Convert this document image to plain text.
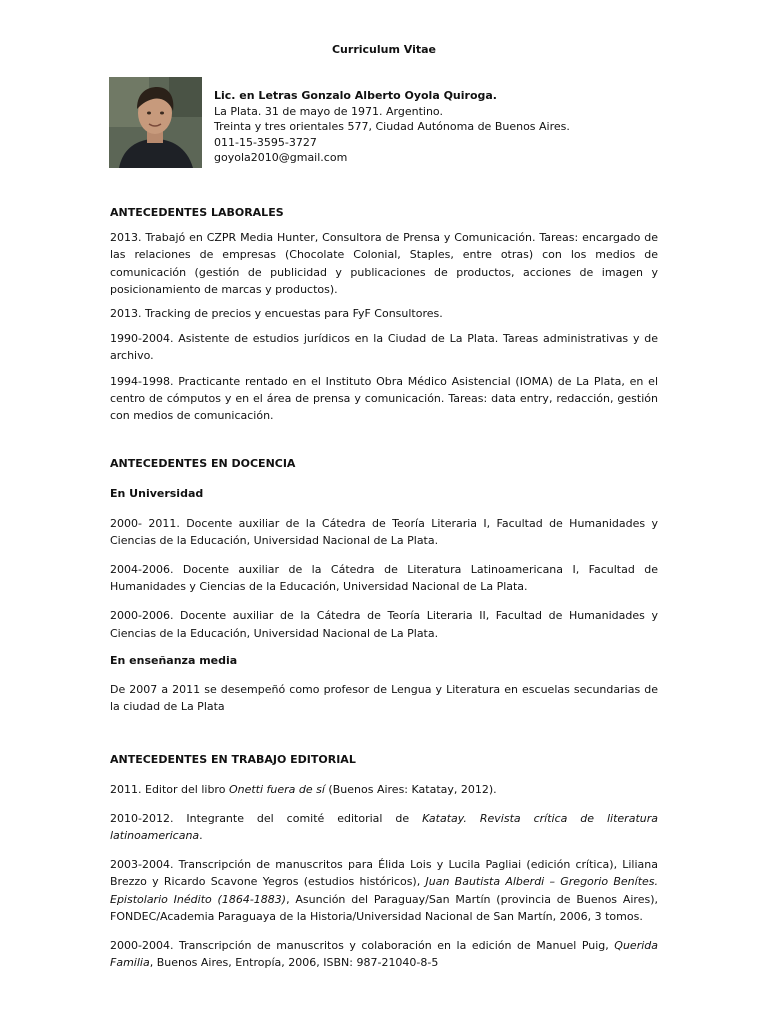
Curriculum Vitae
Lic. en Letras Gonzalo Alberto Oyola Quiroga.
La Plata. 31 de mayo de 1971. Argentino.
Treinta y tres orientales 577, Ciudad Autónoma de Buenos Aires.
011-15-3595-3727
goyola2010@gmail.com

ANTECEDENTES LABORALES

2013. Trabajó en CZPR Media Hunter, Consultora de Prensa y Comunicación. Tareas: encargado de las relaciones de empresas (Chocolate Colonial, Staples, entre otras) con los medios de comunicación (gestión de publicidad y publicaciones de productos, acciones de imagen y posicionamiento de marcas y productos).

2013. Tracking de precios y encuestas para FyF Consultores.

1990-2004. Asistente de estudios jurídicos en la Ciudad de La Plata. Tareas administrativas y de archivo.

1994-1998. Practicante rentado en el Instituto Obra Médico Asistencial (IOMA) de La Plata, en el centro de cómputos y en el área de prensa y comunicación. Tareas: data entry, redacción, gestión con medios de comunicación.

ANTECEDENTES EN DOCENCIA

En Universidad

2000- 2011. Docente auxiliar de la Cátedra de Teoría Literaria I, Facultad de Humanidades y Ciencias de la Educación, Universidad Nacional de La Plata.

2004-2006. Docente auxiliar de la Cátedra de Literatura Latinoamericana I, Facultad de Humanidades y Ciencias de la Educación, Universidad Nacional de La Plata.

2000-2006. Docente auxiliar de la Cátedra de Teoría Literaria II, Facultad de Humanidades y Ciencias de la Educación, Universidad Nacional de La Plata.

En enseñanza media

De 2007 a 2011 se desempeñó como profesor de Lengua y Literatura en escuelas secundarias de la ciudad de La Plata

ANTECEDENTES EN TRABAJO EDITORIAL

2011. Editor del libro Onetti fuera de sí (Buenos Aires: Katatay, 2012).

2010-2012. Integrante del comité editorial de Katatay. Revista crítica de literatura latinoamericana.

2003-2004. Transcripción de manuscritos para Élida Lois y Lucila Pagliai (edición crítica), Liliana Brezzo y Ricardo Scavone Yegros (estudios históricos), Juan Bautista Alberdi – Gregorio Benítes. Epistolario Inédito (1864-1883), Asunción del Paraguay/San Martín (provincia de Buenos Aires), FONDEC/Academia Paraguaya de la Historia/Universidad Nacional de San Martín, 2006, 3 tomos.

2000-2004. Transcripción de manuscritos y colaboración en la edición de Manuel Puig, Querida Familia, Buenos Aires, Entropía, 2006, ISBN: 987-21040-8-5
